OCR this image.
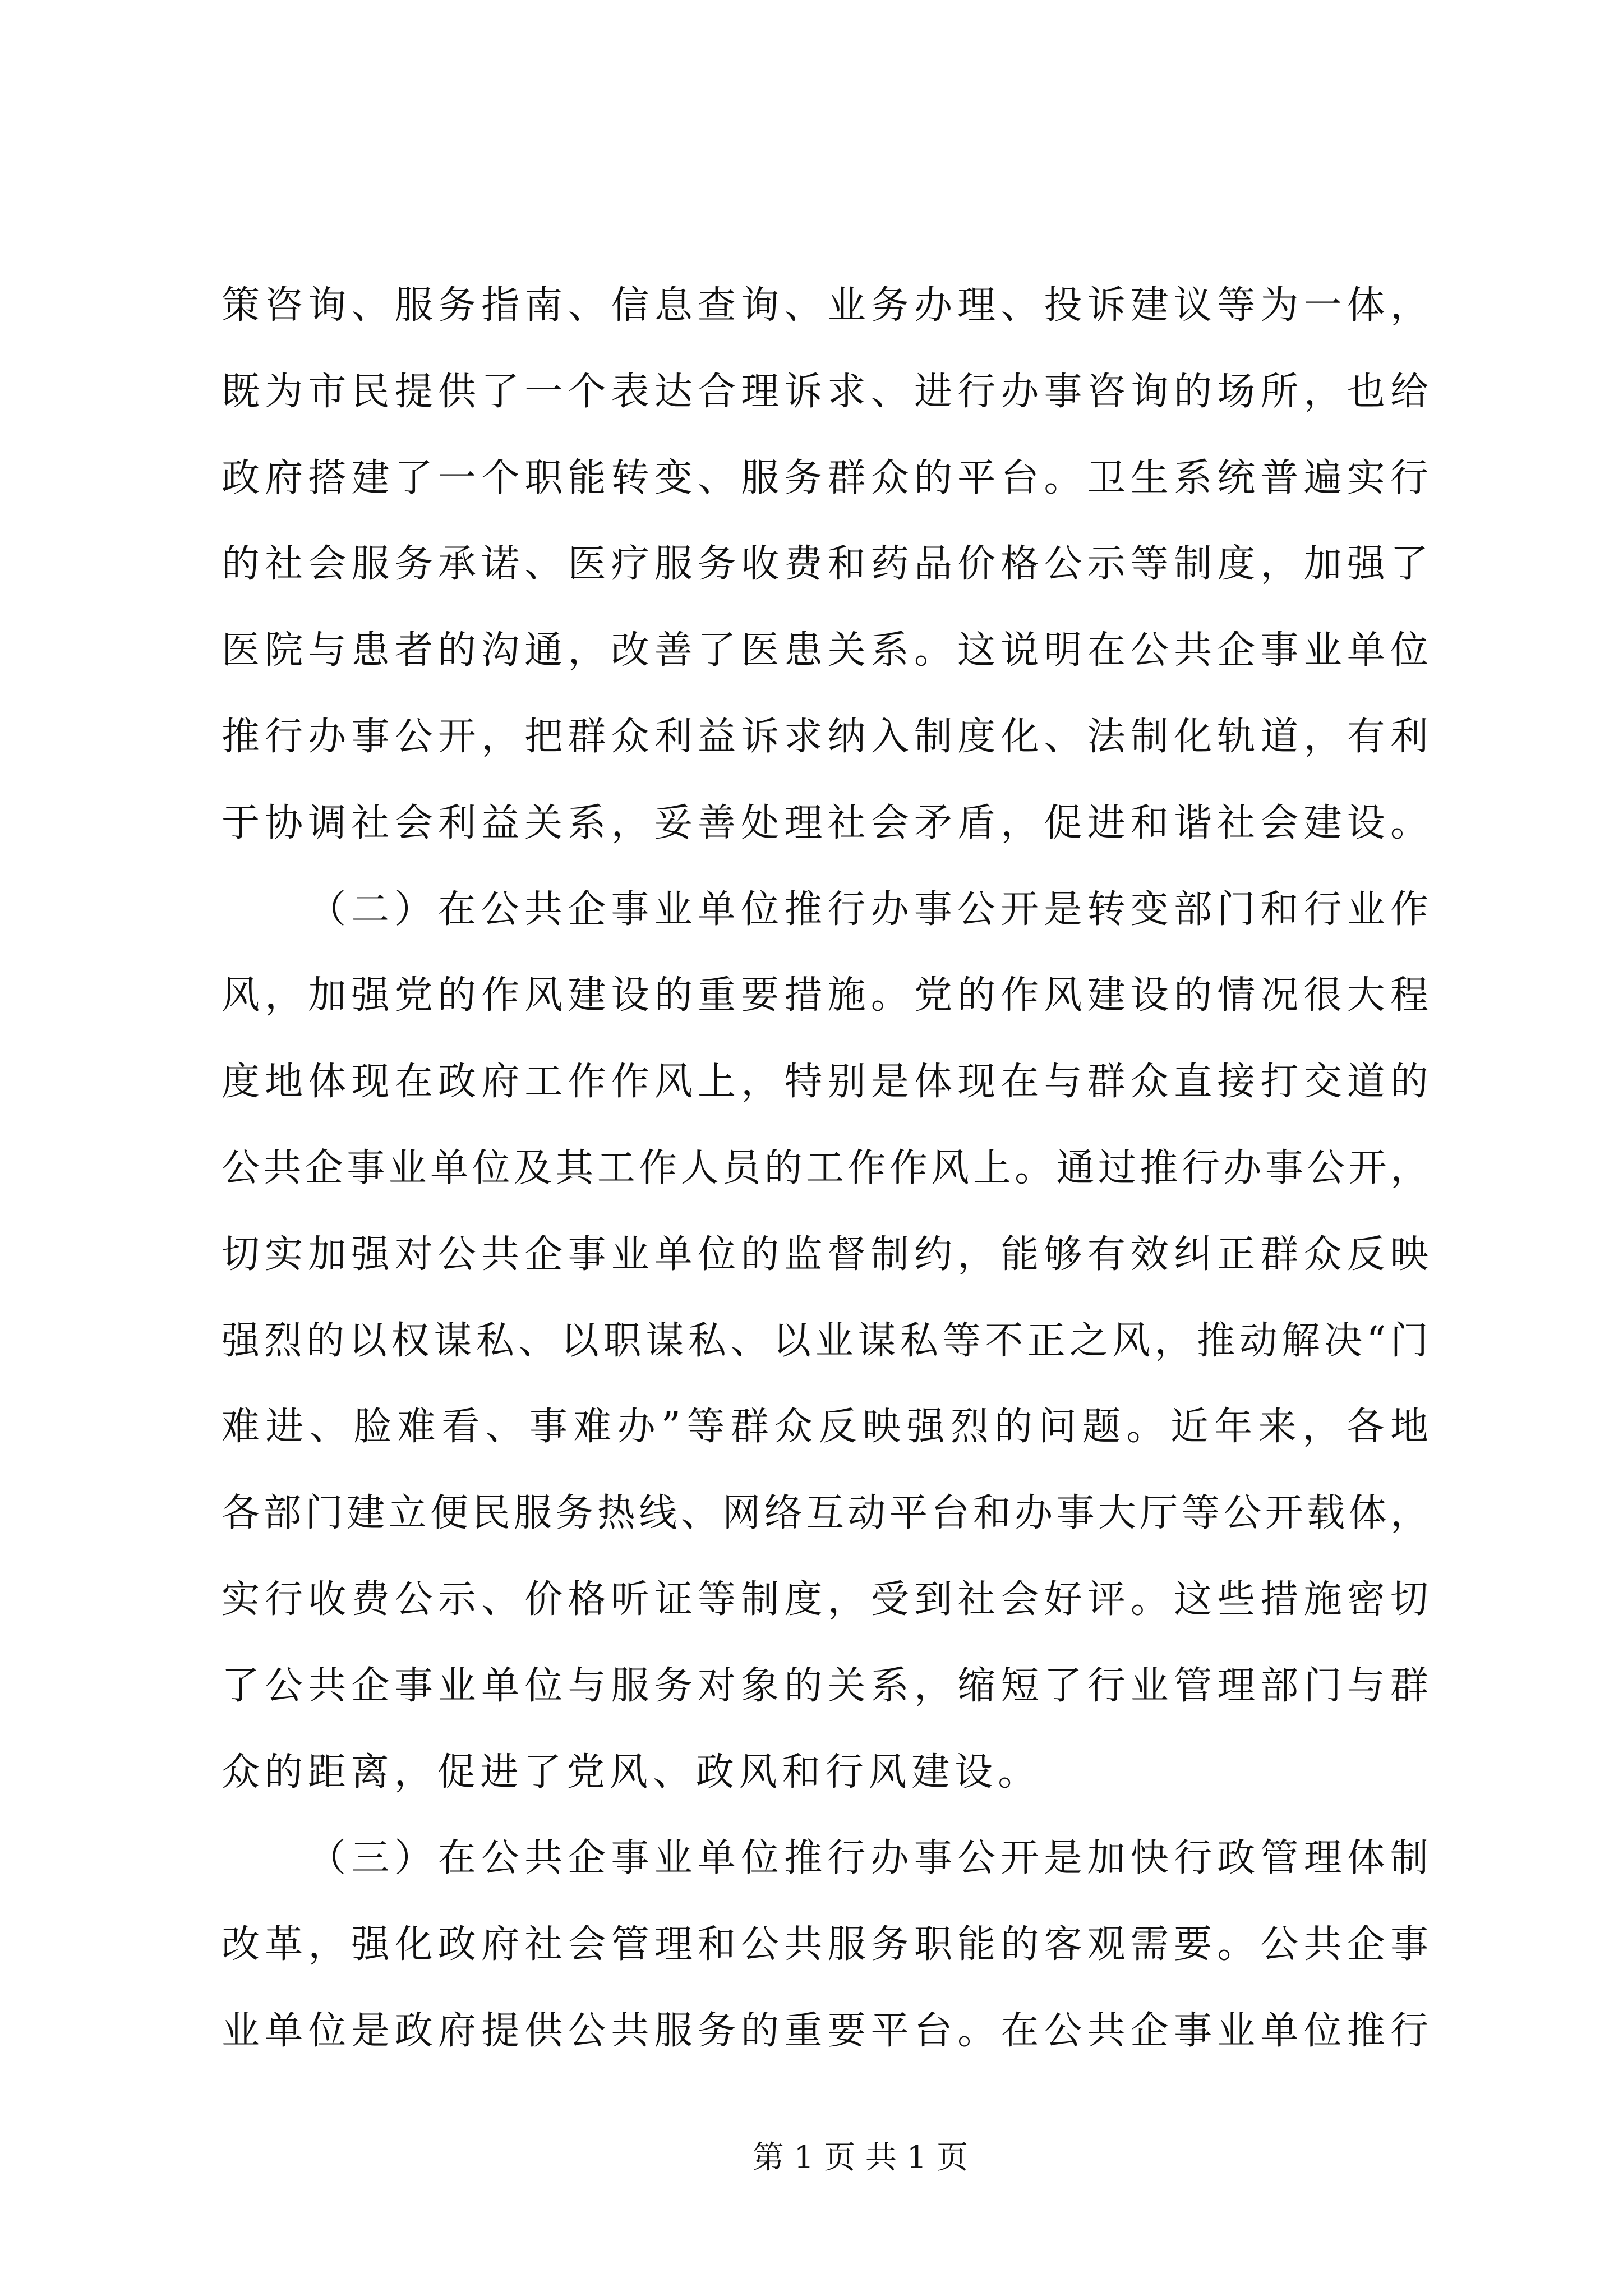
策咨询、服务指南、信息查询、业务办理、投诉建议等为一体，
既为市民提供了一个表达合理诉求、进行办事咨询的场所，也给
政府搭建了一个职能转变、服务群众的平台。卫生系统普遍实行
的社会服务承诺、医疗服务收费和药品价格公示等制度，加强了
医院与患者的沟通，改善了医患关系。这说明在公共企事业单位
推行办事公开，把群众利益诉求纳入制度化、法制化轨道，有利
于协调社会利益关系，妥善处理社会矛盾，促进和谐社会建设。
（二）在公共企事业单位推行办事公开是转变部门和行业作
风，加强党的作风建设的重要措施。党的作风建设的情况很大程
度地体现在政府工作作风上，特别是体现在与群众直接打交道的
公共企事业单位及其工作人员的工作作风上。通过推行办事公开，
切实加强对公共企事业单位的监督制约，能够有效纠正群众反映
强烈的以权谋私、以职谋私、以业谋私等不正之风，推动解决“门
难进、脸难看、事难办”等群众反映强烈的问题。近年来，各地
各部门建立便民服务热线、网络互动平台和办事大厅等公开载体，
实行收费公示、价格听证等制度，受到社会好评。这些措施密切
了公共企事业单位与服务对象的关系，缩短了行业管理部门与群
众的距离，促进了党风、政风和行风建设。
（三）在公共企事业单位推行办事公开是加快行政管理体制
改革，强化政府社会管理和公共服务职能的客观需要。公共企事
业单位是政府提供公共服务的重要平台。在公共企事业单位推行
第 1 页 共 1 页
